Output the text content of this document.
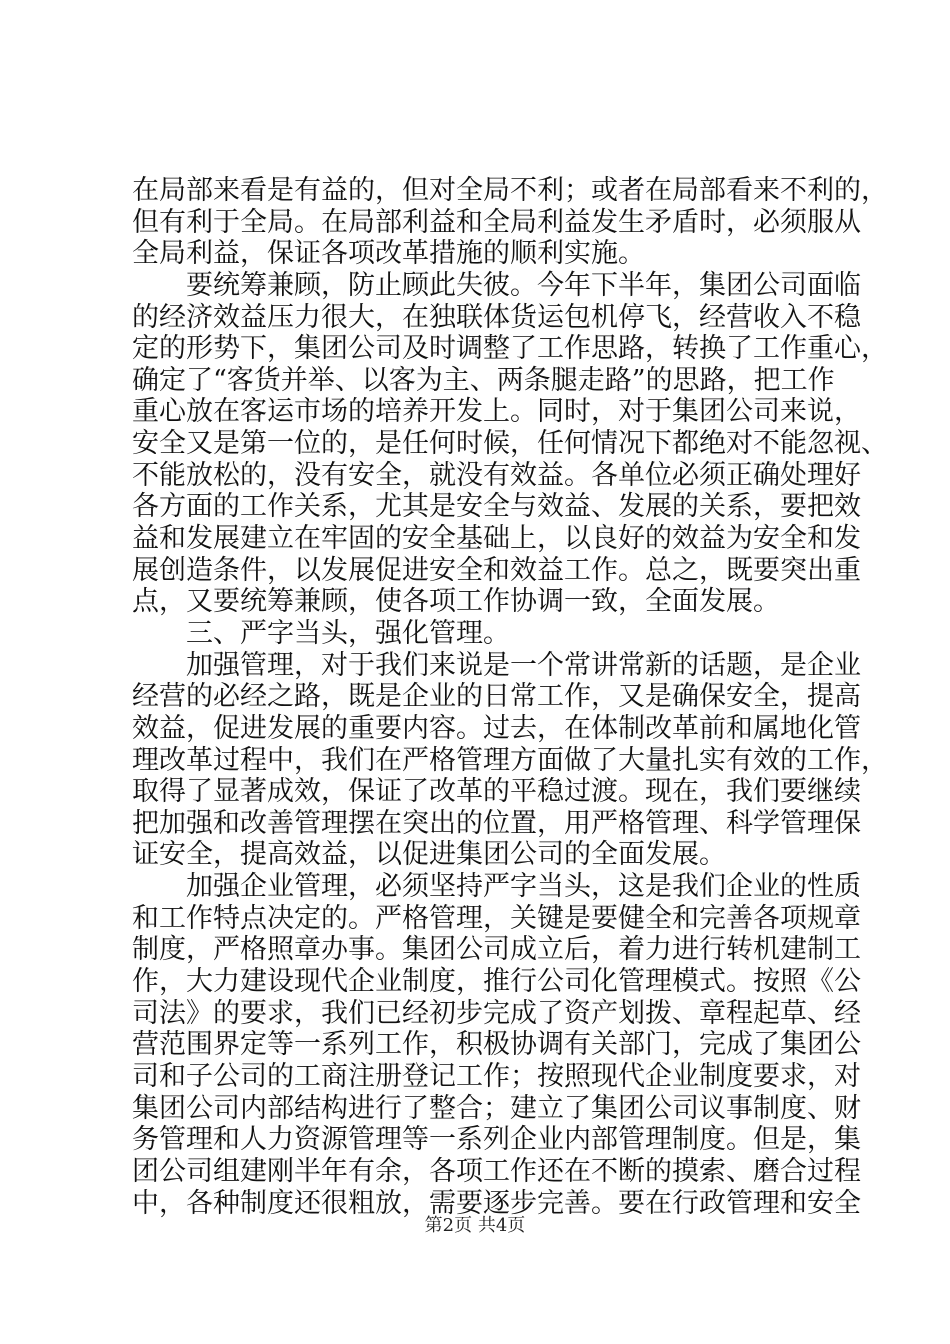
在局部来看是有益的，但对全局不利；或者在局部看来不利的，
但有利于全局。在局部利益和全局利益发生矛盾时，必须服从
全局利益，保证各项改革措施的顺利实施。
要统筹兼顾，防止顾此失彼。今年下半年，集团公司面临
的经济效益压力很大，在独联体货运包机停飞，经营收入不稳
定的形势下，集团公司及时调整了工作思路，转换了工作重心，
确定了“客货并举、以客为主、两条腿走路”的思路，把工作
重心放在客运市场的培养开发上。同时，对于集团公司来说，
安全又是第一位的，是任何时候，任何情况下都绝对不能忽视、
不能放松的，没有安全，就没有效益。各单位必须正确处理好
各方面的工作关系，尤其是安全与效益、发展的关系，要把效
益和发展建立在牢固的安全基础上，以良好的效益为安全和发
展创造条件，以发展促进安全和效益工作。总之，既要突出重
点，又要统筹兼顾，使各项工作协调一致，全面发展。
三、严字当头，强化管理。
加强管理，对于我们来说是一个常讲常新的话题，是企业
经营的必经之路，既是企业的日常工作，又是确保安全，提高
效益，促进发展的重要内容。过去，在体制改革前和属地化管
理改革过程中，我们在严格管理方面做了大量扎实有效的工作，
取得了显著成效，保证了改革的平稳过渡。现在，我们要继续
把加强和改善管理摆在突出的位置，用严格管理、科学管理保
证安全，提高效益，以促进集团公司的全面发展。
加强企业管理，必须坚持严字当头，这是我们企业的性质
和工作特点决定的。严格管理，关键是要健全和完善各项规章
制度，严格照章办事。集团公司成立后，着力进行转机建制工
作，大力建设现代企业制度，推行公司化管理模式。按照《公
司法》的要求，我们已经初步完成了资产划拨、章程起草、经
营范围界定等一系列工作，积极协调有关部门，完成了集团公
司和子公司的工商注册登记工作；按照现代企业制度要求，对
集团公司内部结构进行了整合；建立了集团公司议事制度、财
务管理和人力资源管理等一系列企业内部管理制度。但是，集
团公司组建刚半年有余，各项工作还在不断的摸索、磨合过程
中，各种制度还很粗放，需要逐步完善。要在行政管理和安全
第2页 共4页
